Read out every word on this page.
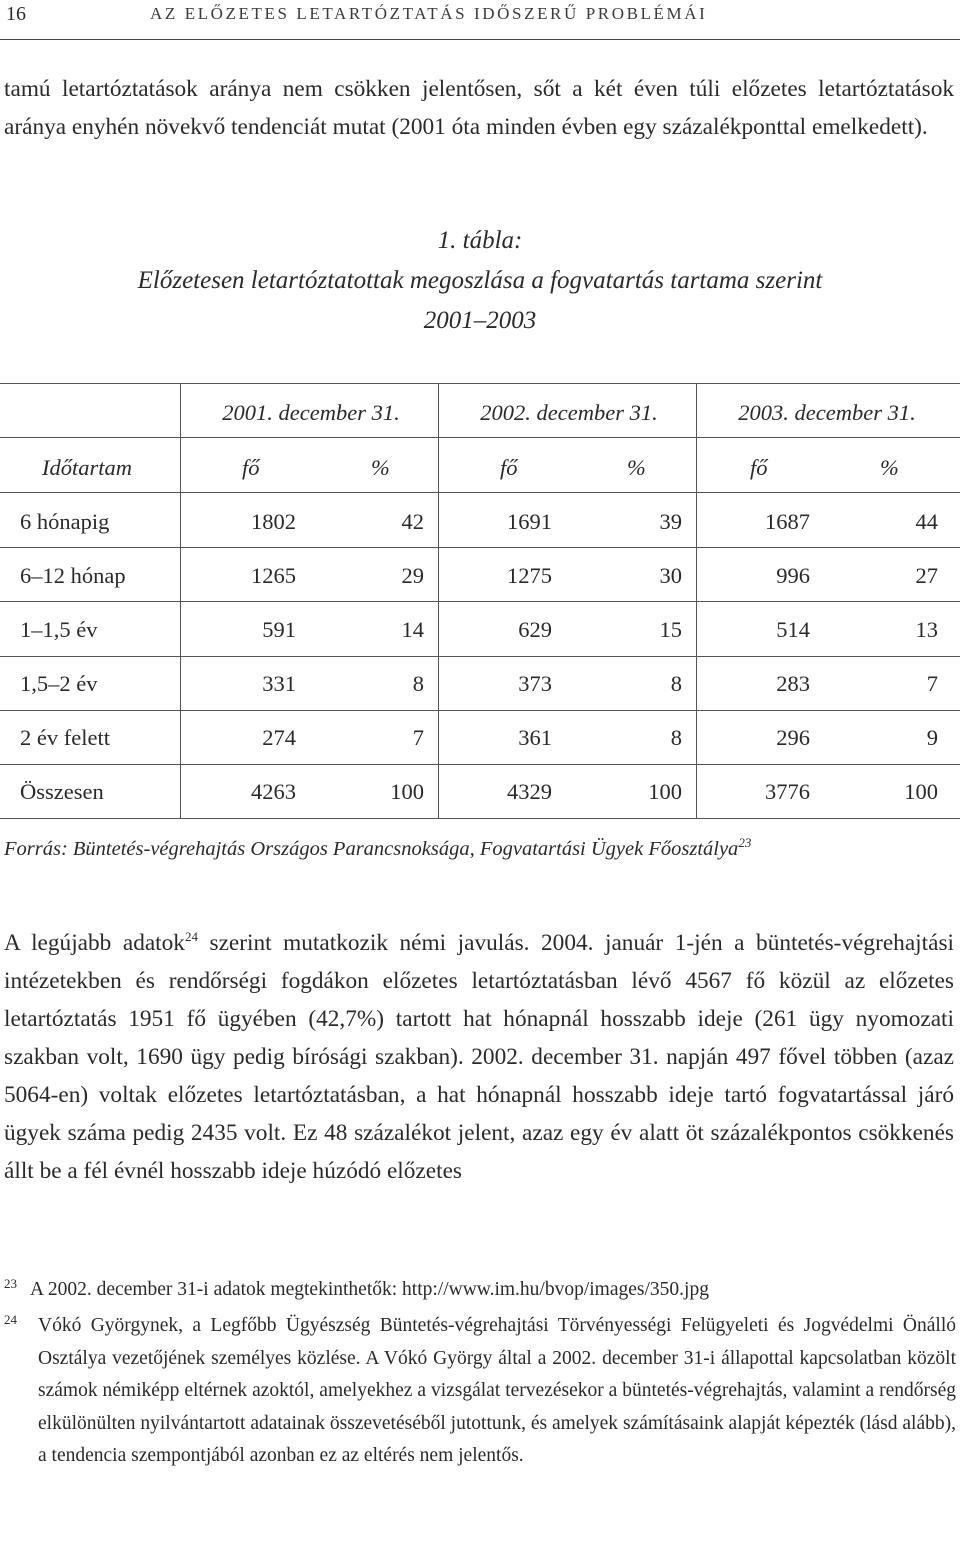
16	AZ ELŐZETES LETARTÓZTATÁS IDŐSZERŰ PROBLÉMÁI
tamú letartóztatások aránya nem csökken jelentősen, sőt a két éven túli előzetes letartóztatások aránya enyhén növekvő tendenciát mutat (2001 óta minden évben egy százalékponttal emelkedett).
1. tábla:
Előzetesen letartóztatottak megoszlása a fogvatartás tartama szerint
2001–2003
2001. december 31.	2002. december 31.	2003. december 31.
Időtartam	fő	%	fő	%	fő	%
6 hónapig	1802	42	1691	39	1687	44
6–12 hónap	1265	29	1275	30	996	27
1–1,5 év	591	14	629	15	514	13
1,5–2 év	331	8	373	8	283	7
2 év felett	274	7	361	8	296	9
Összesen	4263	100	4329	100	3776	100
Forrás: Büntetés-végrehajtás Országos Parancsnoksága, Fogvatartási Ügyek Főosztálya$^{23}$
A legújabb adatok$^{24}$ szerint mutatkozik némi javulás. 2004. január 1-jén a büntetés-végrehajtási intézetekben és rendőrségi fogdákon előzetes letartóztatásban lévő 4567 fő közül az előzetes letartóztatás 1951 fő ügyében (42,7%) tartott hat hónapnál hosszabb ideje (261 ügy nyomozati szakban volt, 1690 ügy pedig bírósági szakban). 2002. december 31. napján 497 fővel többen (azaz 5064-en) voltak előzetes letartóztatásban, a hat hónapnál hosszabb ideje tartó fogvatartással járó ügyek száma pedig 2435 volt. Ez 48 százalékot jelent, azaz egy év alatt öt százalékpontos csökkenés állt be a fél évnél hosszabb ideje húzódó előzetes
23 A 2002. december 31-i adatok megtekinthetők: http://www.im.hu/bvop/images/350.jpg
24 Vókó Györgynek, a Legfőbb Ügyészség Büntetés-végrehajtási Törvényességi Felügyeleti és Jogvédelmi Önálló Osztálya vezetőjének személyes közlése. A Vókó György által a 2002. december 31-i állapottal kapcsolatban közölt számok némiképp eltérnek azoktól, amelyekhez a vizsgálat tervezésekor a büntetés-végrehajtás, valamint a rendőrség elkülönülten nyilvántartott adatainak összevetéséből jutottunk, és amelyek számításaink alapját képezték (lásd alább), a tendencia szempontjából azonban ez az eltérés nem jelentős.
